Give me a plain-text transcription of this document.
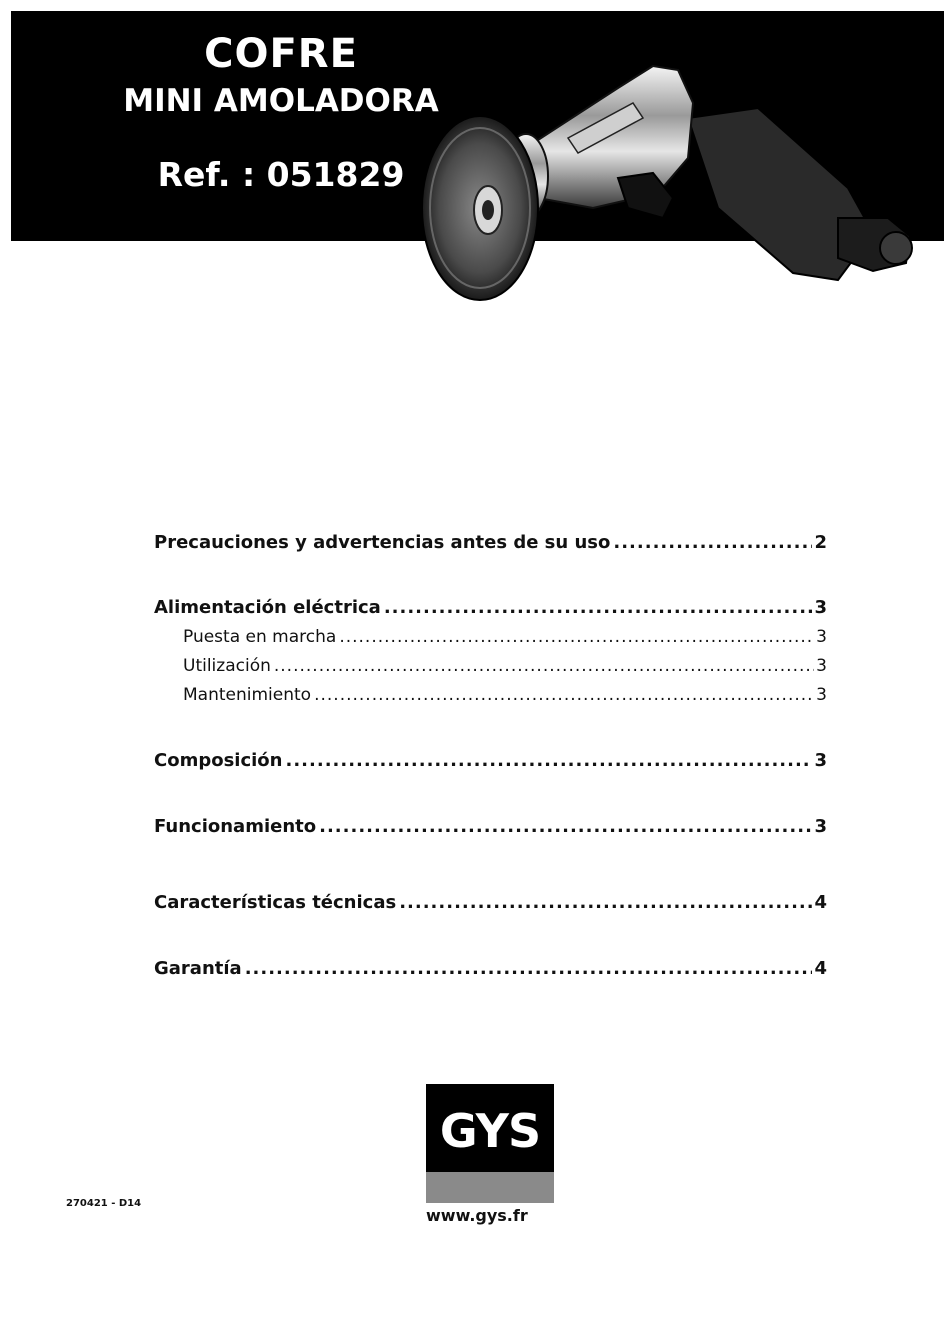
COFRE
MINI AMOLADORA
Ref. : 051829
Precauciones y advertencias antes de su uso .....	2
Alimentación eléctrica .....	3
Puesta en marcha .....	3
Utilización .....	3
Mantenimiento .....	3
Composición .....	3
Funcionamiento .....	3
Características técnicas .....	4
Garantía .....	4
GYS
www.gys.fr
270421 - D14
